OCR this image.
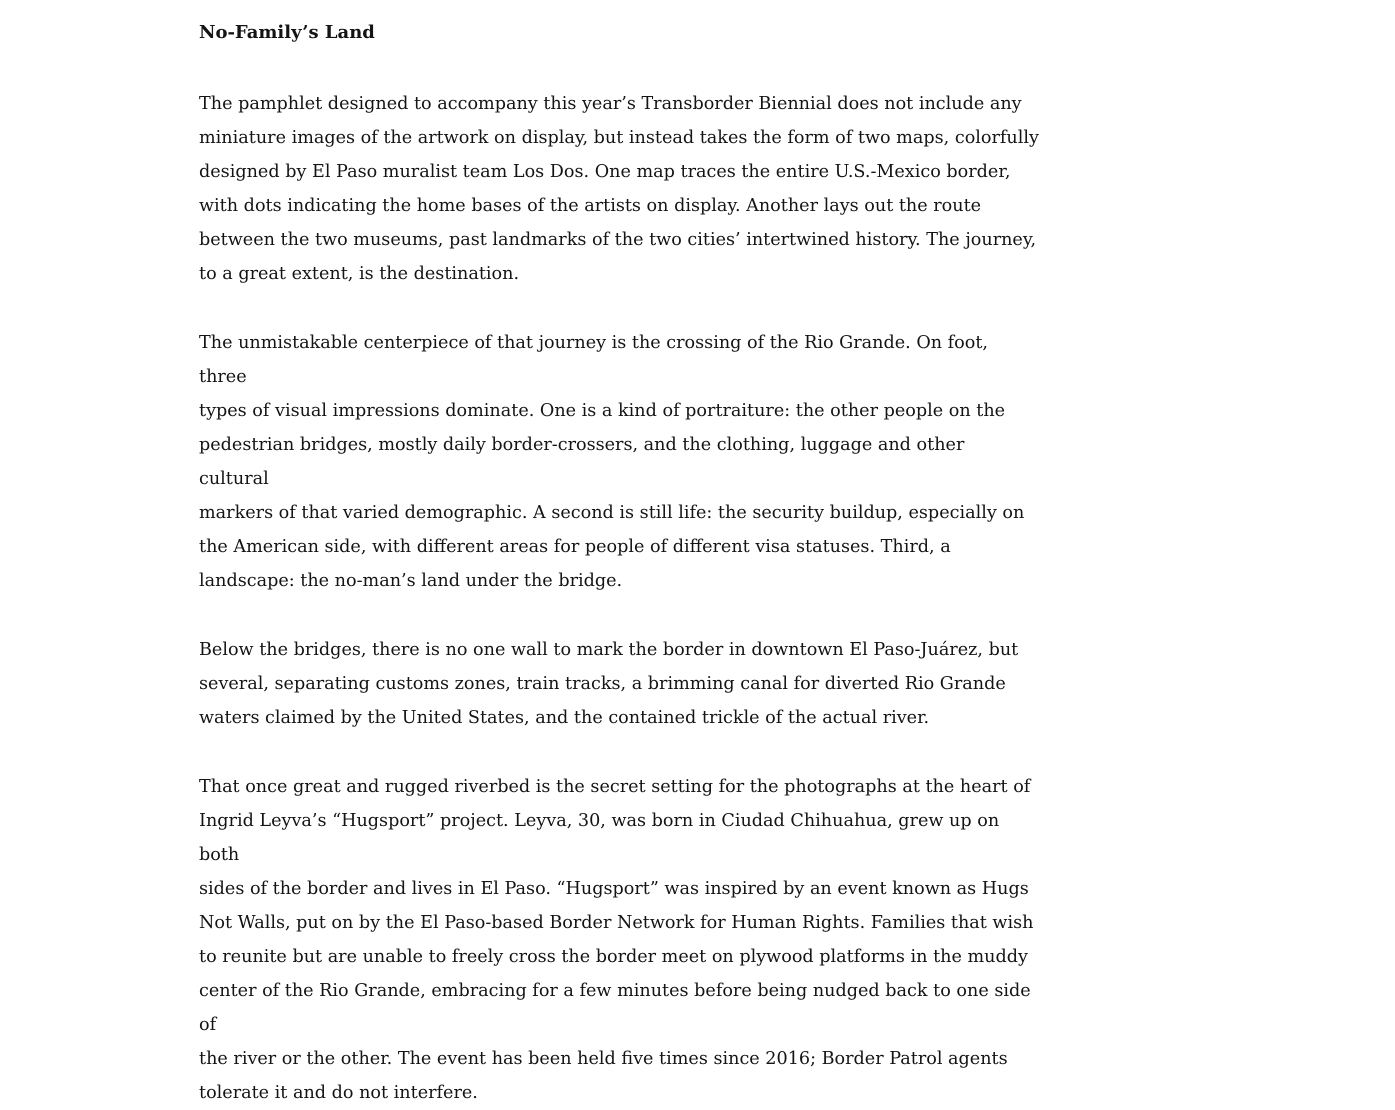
No-Family’s Land

The pamphlet designed to accompany this year’s Transborder Biennial does not include any
miniature images of the artwork on display, but instead takes the form of two maps, colorfully
designed by El Paso muralist team Los Dos. One map traces the entire U.S.-Mexico border,
with dots indicating the home bases of the artists on display. Another lays out the route
between the two museums, past landmarks of the two cities’ intertwined history. The journey,
to a great extent, is the destination.

The unmistakable centerpiece of that journey is the crossing of the Rio Grande. On foot, three
types of visual impressions dominate. One is a kind of portraiture: the other people on the
pedestrian bridges, mostly daily border-crossers, and the clothing, luggage and other cultural
markers of that varied demographic. A second is still life: the security buildup, especially on
the American side, with different areas for people of different visa statuses. Third, a
landscape: the no-man’s land under the bridge.

Below the bridges, there is no one wall to mark the border in downtown El Paso-Juárez, but
several, separating customs zones, train tracks, a brimming canal for diverted Rio Grande
waters claimed by the United States, and the contained trickle of the actual river.

That once great and rugged riverbed is the secret setting for the photographs at the heart of
Ingrid Leyva’s “Hugsport” project. Leyva, 30, was born in Ciudad Chihuahua, grew up on both
sides of the border and lives in El Paso. “Hugsport” was inspired by an event known as Hugs
Not Walls, put on by the El Paso-based Border Network for Human Rights. Families that wish
to reunite but are unable to freely cross the border meet on plywood platforms in the muddy
center of the Rio Grande, embracing for a few minutes before being nudged back to one side of
the river or the other. The event has been held five times since 2016; Border Patrol agents
tolerate it and do not interfere.
